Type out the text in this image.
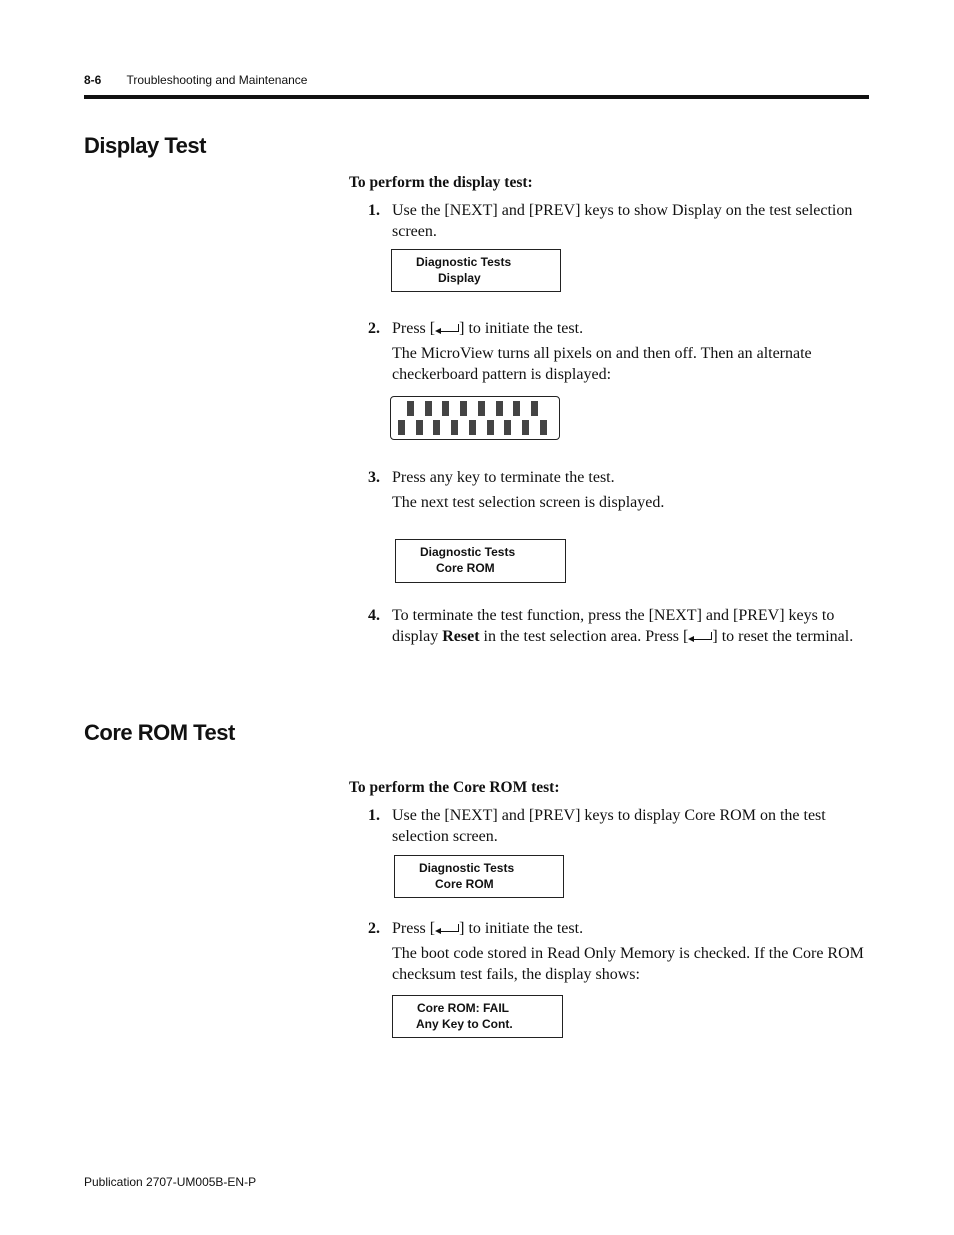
8-6 Troubleshooting and Maintenance
Display Test
To perform the display test:
1. Use the [NEXT] and [PREV] keys to show Display on the test selection screen.
Diagnostic Tests
Display
2. Press [ ] to initiate the test.
The MicroView turns all pixels on and then off. Then an alternate checkerboard pattern is displayed:
3. Press any key to terminate the test.
The next test selection screen is displayed.
Diagnostic Tests
Core ROM
4. To terminate the test function, press the [NEXT] and [PREV] keys to display Reset in the test selection area. Press [ ] to reset the terminal.
Core ROM Test
To perform the Core ROM test:
1. Use the [NEXT] and [PREV] keys to display Core ROM on the test selection screen.
Diagnostic Tests
Core ROM
2. Press [ ] to initiate the test.
The boot code stored in Read Only Memory is checked. If the Core ROM checksum test fails, the display shows:
Core ROM: FAIL
Any Key to Cont.
Publication 2707-UM005B-EN-P
